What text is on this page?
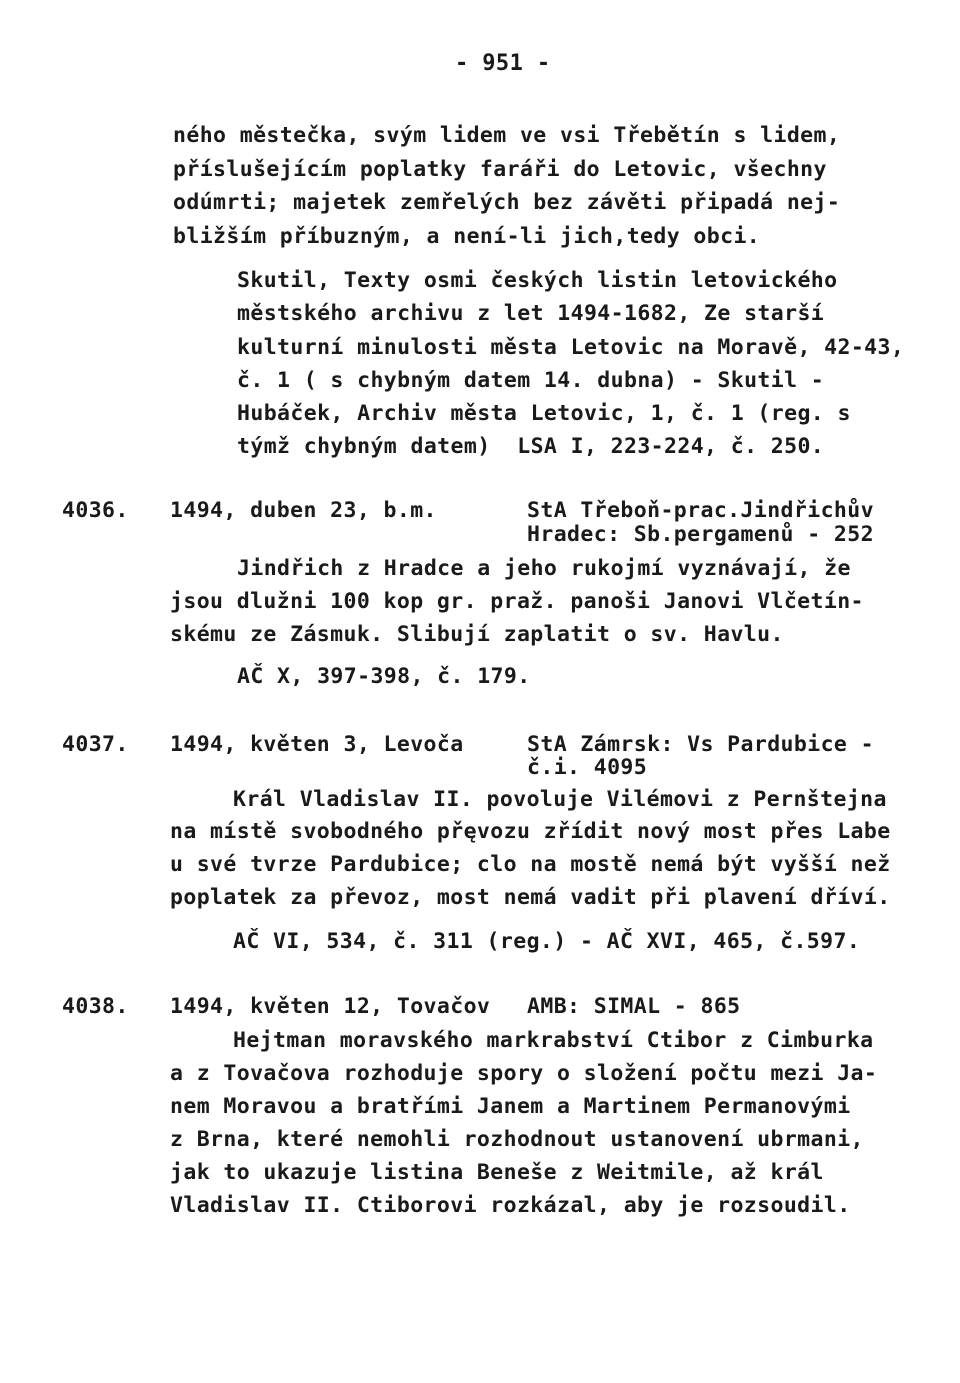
- 951 -
ného městečka, svým lidem ve vsi Třebětín s lidem,
příslušejícím poplatky faráři do Letovic, všechny
odúmrti; majetek zemřelých bez závěti připadá nej-
bližším příbuzným, a není-li jich,tedy obci.
Skutil, Texty osmi českých listin letovického
městského archivu z let 1494-1682, Ze starší
kulturní minulosti města Letovic na Moravě, 42-43,
č. 1 ( s chybným datem 14. dubna) - Skutil -
Hubáček, Archiv města Letovic, 1, č. 1 (reg. s
týmž chybným datem)  LSA I, 223-224, č. 250.
4036. 1494, duben 23, b.m.	StA Třeboň-prac.Jindřichův
Hradec: Sb.pergamenů - 252
Jindřich z Hradce a jeho rukojmí vyznávají, že
jsou dlužni 100 kop gr. praž. panoši Janovi Vlčetín-
skému ze Zásmuk. Slibují zaplatit o sv. Havlu.
AČ X, 397-398, č. 179.
4037. 1494, květen 3, Levoča	StA Zámrsk: Vs Pardubice -
č.i. 4095
Král Vladislav II. povoluje Vilémovi z Pernštejna
na místě svobodného přęvozu zřídit nový most přes Labe
u své tvrze Pardubice; clo na mostě nemá být vyšší než
poplatek za převoz, most nemá vadit při plavení dříví.
AČ VI, 534, č. 311 (reg.) - AČ XVI, 465, č.597.
4038. 1494, květen 12, Tovačov AMB: SIMAL - 865
Hejtman moravského markrabství Ctibor z Cimburka
a z Tovačova rozhoduje spory o složení počtu mezi Ja-
nem Moravou a bratřími Janem a Martinem Permanovými
z Brna, které nemohli rozhodnout ustanovení ubrmani,
jak to ukazuje listina Beneše z Weitmile, až král
Vladislav II. Ctiborovi rozkázal, aby je rozsoudil.
